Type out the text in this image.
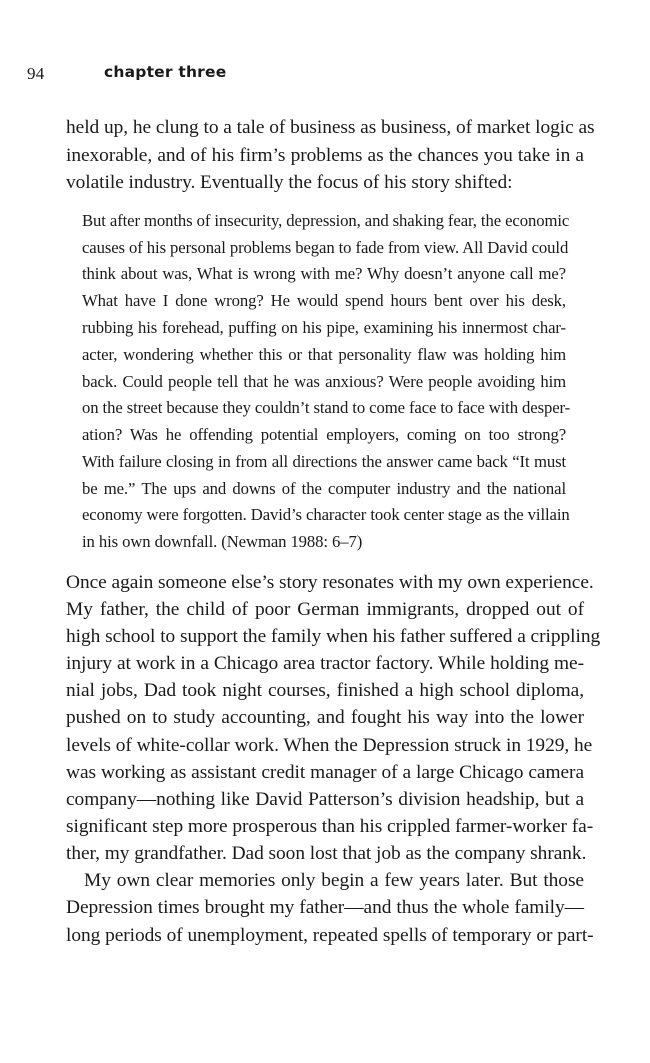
94	chapter three

held up, he clung to a tale of business as business, of market logic as

inexorable, and of his firm’s problems as the chances you take in a

volatile industry. Eventually the focus of his story shifted:

But after months of insecurity, depression, and shaking fear, the economic

causes of his personal problems began to fade from view. All David could

think about was, What is wrong with me? Why doesn’t anyone call me?

What have I done wrong? He would spend hours bent over his desk,

rubbing his forehead, puffing on his pipe, examining his innermost char-

acter, wondering whether this or that personality flaw was holding him

back. Could people tell that he was anxious? Were people avoiding him

on the street because they couldn’t stand to come face to face with desper-

ation? Was he offending potential employers, coming on too strong?

With failure closing in from all directions the answer came back “It must

be me.” The ups and downs of the computer industry and the national

economy were forgotten. David’s character took center stage as the villain

in his own downfall. (Newman 1988: 6–7)

Once again someone else’s story resonates with my own experience.

My father, the child of poor German immigrants, dropped out of

high school to support the family when his father suffered a crippling

injury at work in a Chicago area tractor factory. While holding me-

nial jobs, Dad took night courses, finished a high school diploma,

pushed on to study accounting, and fought his way into the lower

levels of white-collar work. When the Depression struck in 1929, he

was working as assistant credit manager of a large Chicago camera

company—nothing like David Patterson’s division headship, but a

significant step more prosperous than his crippled farmer-worker fa-

ther, my grandfather. Dad soon lost that job as the company shrank.

My own clear memories only begin a few years later. But those

Depression times brought my father—and thus the whole family—

long periods of unemployment, repeated spells of temporary or part-
